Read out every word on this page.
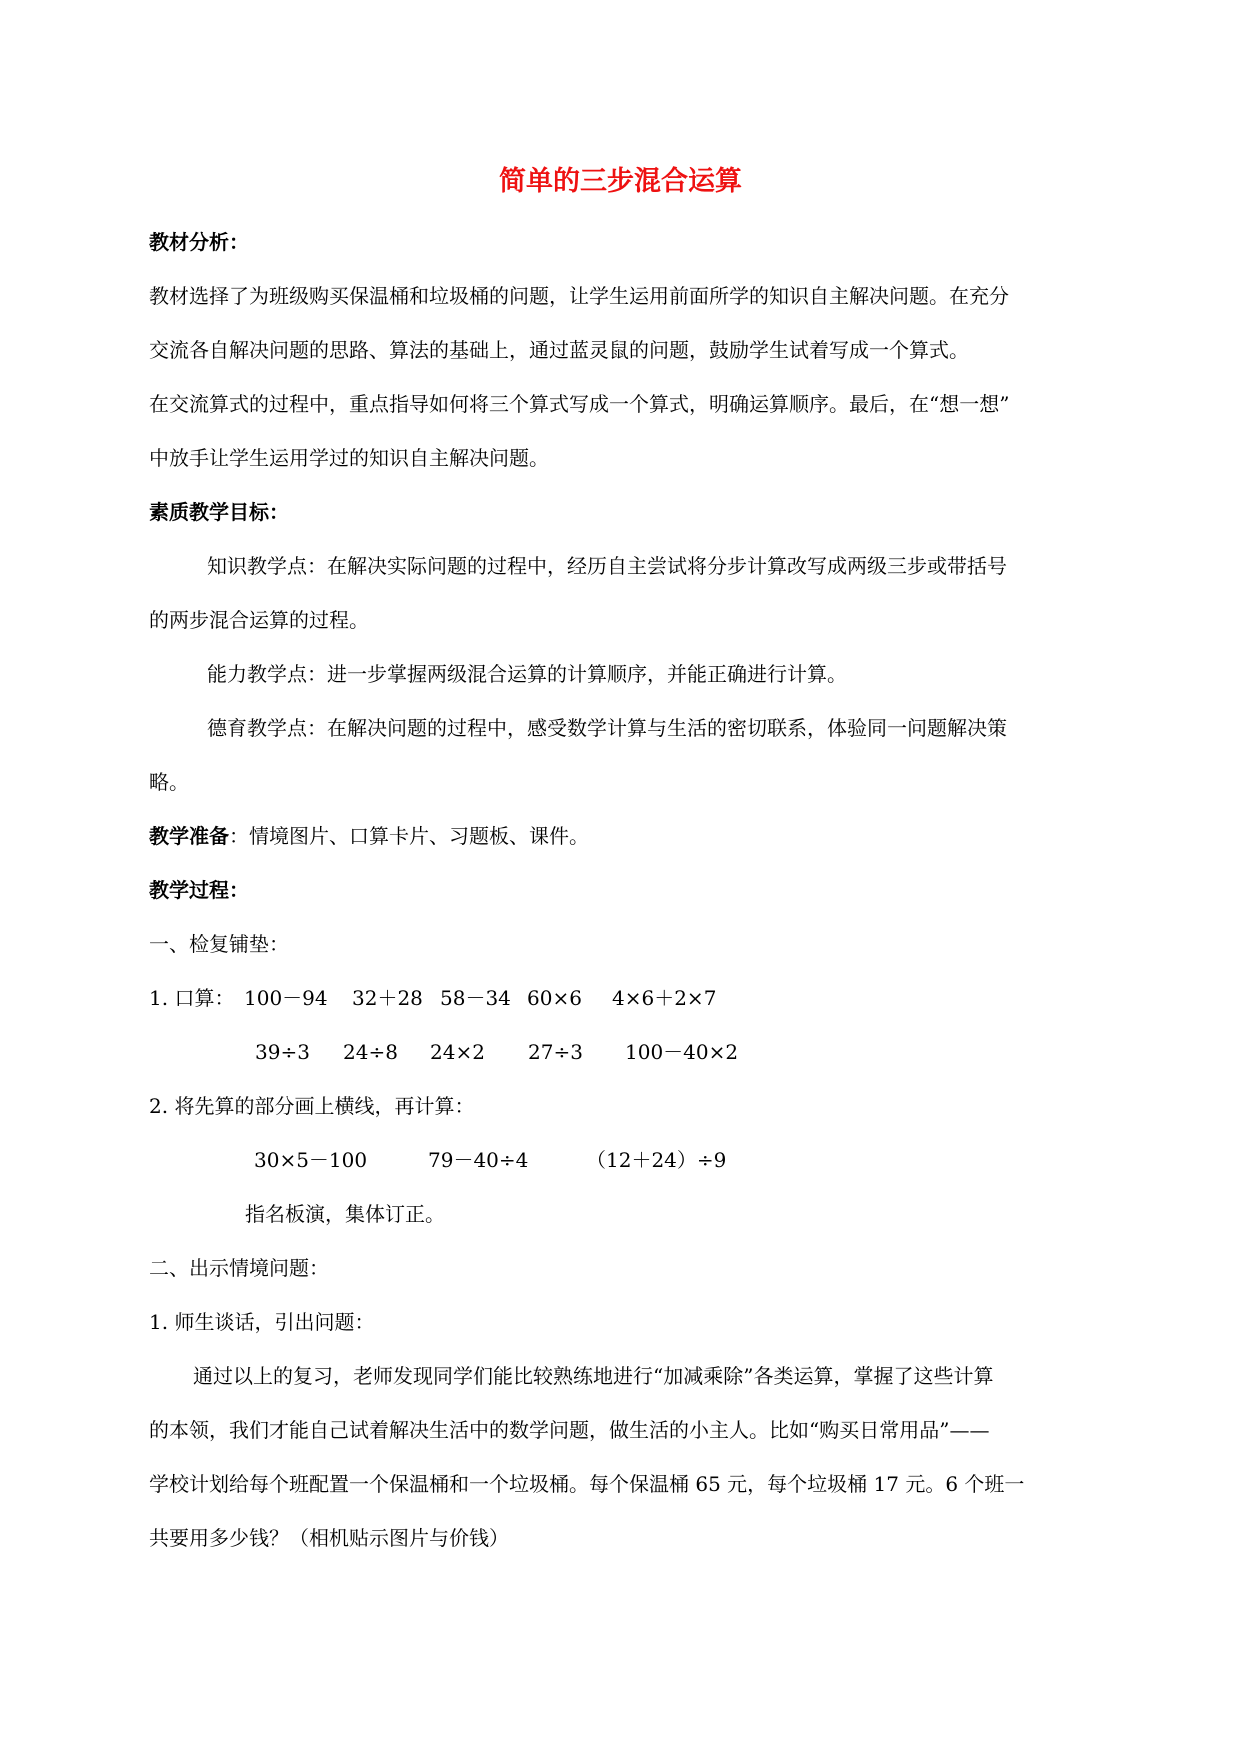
简单的三步混合运算
教材分析：
教材选择了为班级购买保温桶和垃圾桶的问题，让学生运用前面所学的知识自主解决问题。在充分
交流各自解决问题的思路、算法的基础上，通过蓝灵鼠的问题，鼓励学生试着写成一个算式。
在交流算式的过程中，重点指导如何将三个算式写成一个算式，明确运算顺序。最后，在“想一想”
中放手让学生运用学过的知识自主解决问题。
素质教学目标：
知识教学点：在解决实际问题的过程中，经历自主尝试将分步计算改写成两级三步或带括号
的两步混合运算的过程。
能力教学点：进一步掌握两级混合运算的计算顺序，并能正确进行计算。
德育教学点：在解决问题的过程中，感受数学计算与生活的密切联系，体验同一问题解决策
略。
教学准备：情境图片、口算卡片、习题板、课件。
教学过程：
一、检复铺垫：
1. 口算： 100－94 32＋28 58－34 60×6 4×6＋2×7
39÷3 24÷8 24×2 27÷3 100－40×2
2. 将先算的部分画上横线，再计算：
30×5－100	79－40÷4	（12＋24）÷9
指名板演，集体订正。
二、出示情境问题：
1. 师生谈话，引出问题：
通过以上的复习，老师发现同学们能比较熟练地进行“加减乘除”各类运算，掌握了这些计算
的本领，我们才能自己试着解决生活中的数学问题，做生活的小主人。比如“购买日常用品”——
学校计划给每个班配置一个保温桶和一个垃圾桶。每个保温桶 65 元，每个垃圾桶 17 元。6 个班一
共要用多少钱？（相机贴示图片与价钱）
